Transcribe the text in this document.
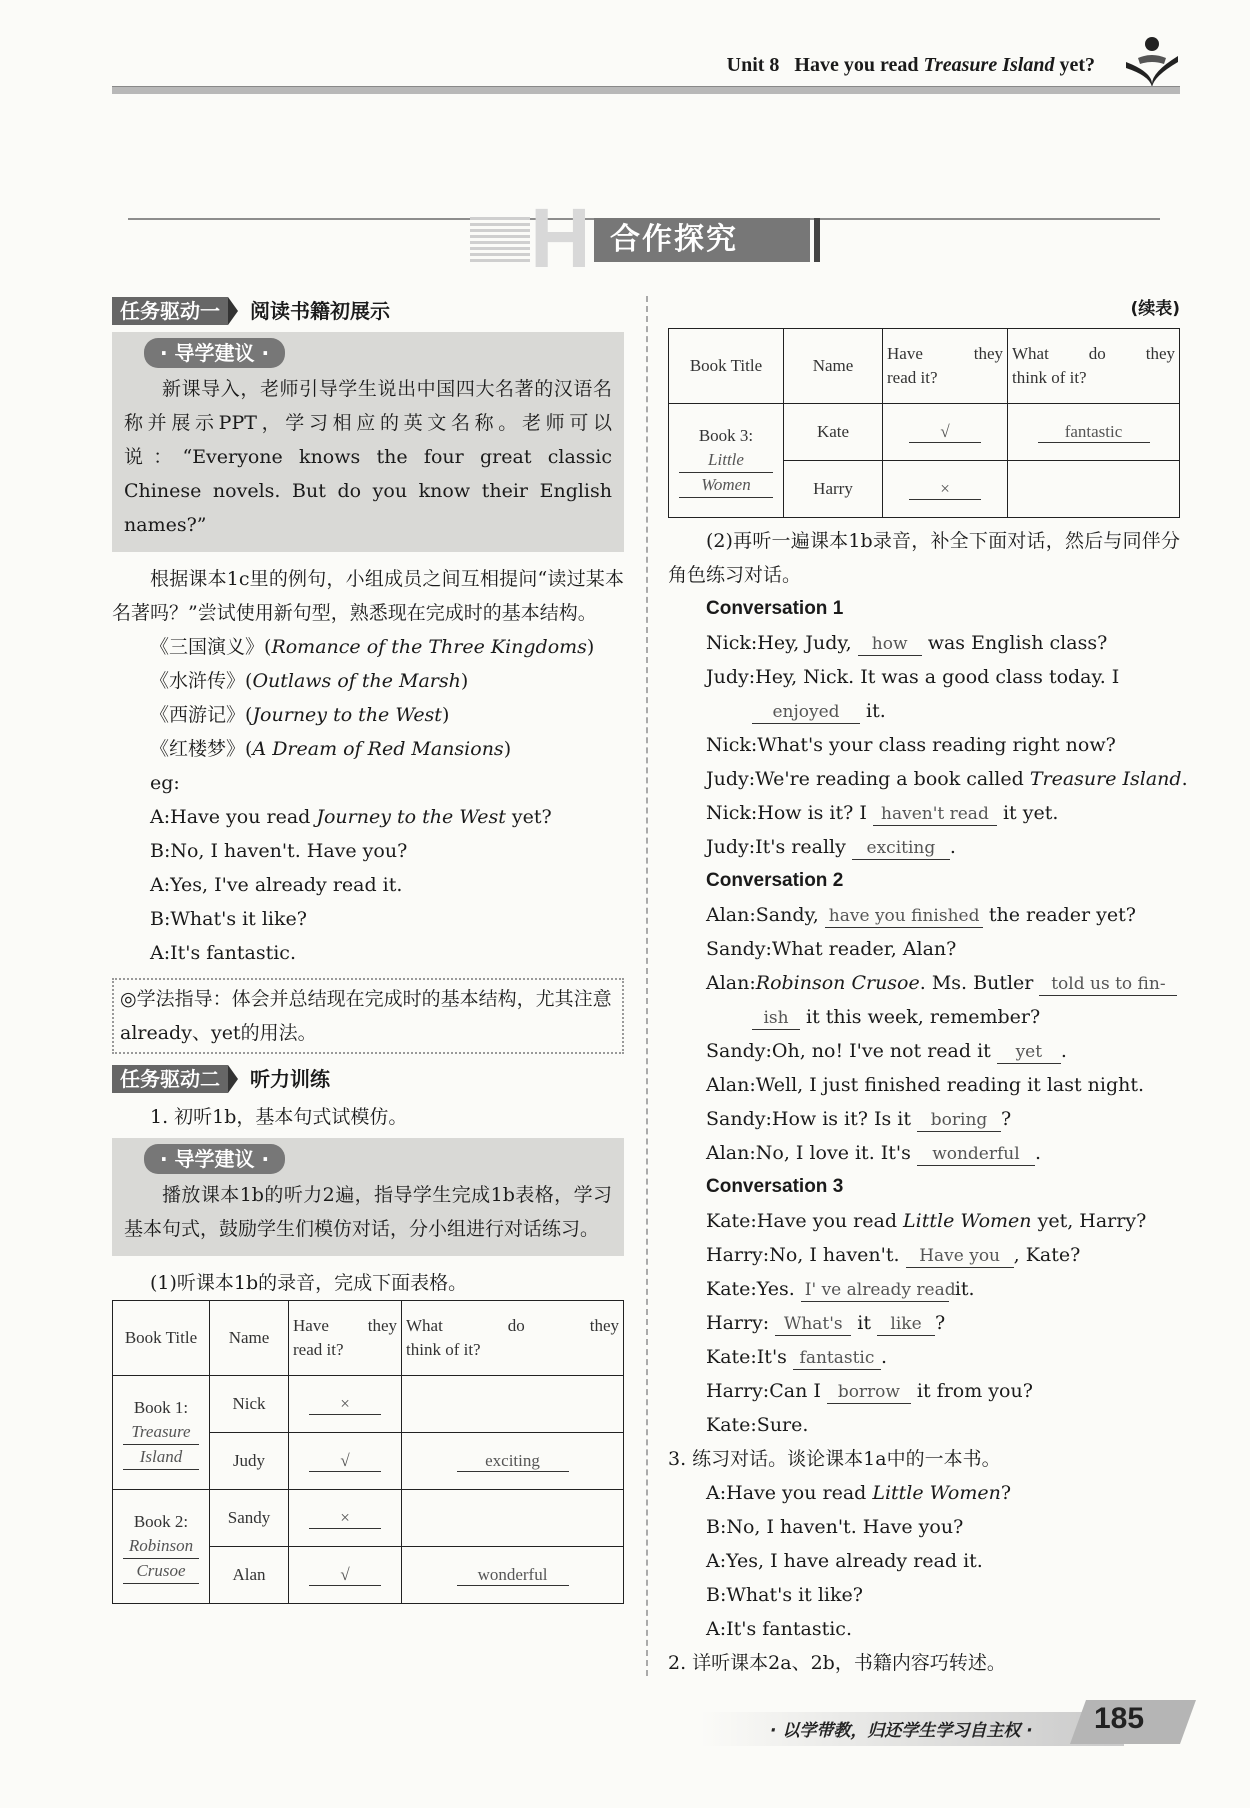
Unit 8 Have you read Treasure Island yet?
H 合作探究
任务驱动一	阅读书籍初展示
· 导学建议 ·

新课导入，老师引导学生说出中国四大名著的汉语名称并展示PPT，学习相应的英文名称。老师可以说：“Everyone knows the four great classic Chinese novels. But do you know their English names?”

根据课本1c里的例句，小组成员之间互相提问“读过某本名著吗？”尝试使用新句型，熟悉现在完成时的基本结构。

《三国演义》(Romance of the Three Kingdoms)

《水浒传》(Outlaws of the Marsh)

《西游记》(Journey to the West)

《红楼梦》(A Dream of Red Mansions)

eg:

A:Have you read Journey to the West yet?

B:No, I haven't. Have you?

A:Yes, I've already read it.

B:What's it like?

A:It's fantastic.

◎学法指导：体会并总结现在完成时的基本结构，尤其注意already、yet的用法。

任务驱动二	听力训练

1. 初听1b，基本句式试模仿。

· 导学建议 ·

播放课本1b的听力2遍，指导学生完成1b表格，学习基本句式，鼓励学生们模仿对话，分小组进行对话练习。

(1)听课本1b的录音，完成下面表格。

Book Title	Name	Have they
read it?	What do they
think of it?
Book 1:
Treasure
Island	Nick	×	
	Judy	√	exciting
Book 2:
Robinson
Crusoe	Sandy	×	
	Alan	√	wonderful
(续表)
Book Title	Name	Have they
read it?	What do they
think of it?
Book 3:
Little
Women	Kate	√	fantastic
	Harry	×	

(2)再听一遍课本1b录音，补全下面对话，然后与同伴分角色练习对话。

Conversation 1

Nick:Hey, Judy, how was English class?

Judy:Hey, Nick. It was a good class today. I

enjoyed it.

Nick:What's your class reading right now?

Judy:We're reading a book called Treasure Island.

Nick:How is it? I haven't read it yet.

Judy:It's really exciting .

Conversation 2

Alan:Sandy, have you finished the reader yet?

Sandy:What reader, Alan?

Alan:Robinson Crusoe. Ms. Butler told us to fin-

ish it this week, remember?

Sandy:Oh, no! I've not read it yet .

Alan:Well, I just finished reading it last night.

Sandy:How is it? Is it boring ?

Alan:No, I love it. It's wonderful .

Conversation 3

Kate:Have you read Little Women yet, Harry?

Harry:No, I haven't. Have you , Kate?

Kate:Yes. I' ve already read it.

Harry: What's it like ?

Kate:It's fantastic .

Harry:Can I borrow it from you?

Kate:Sure.

3. 练习对话。谈论课本1a中的一本书。

A:Have you read Little Women?

B:No, I haven't. Have you?

A:Yes, I have already read it.

B:What's it like?

A:It's fantastic.

2. 详听课本2a、2b，书籍内容巧转述。

· 以学带教，归还学生学习自主权 · 185
